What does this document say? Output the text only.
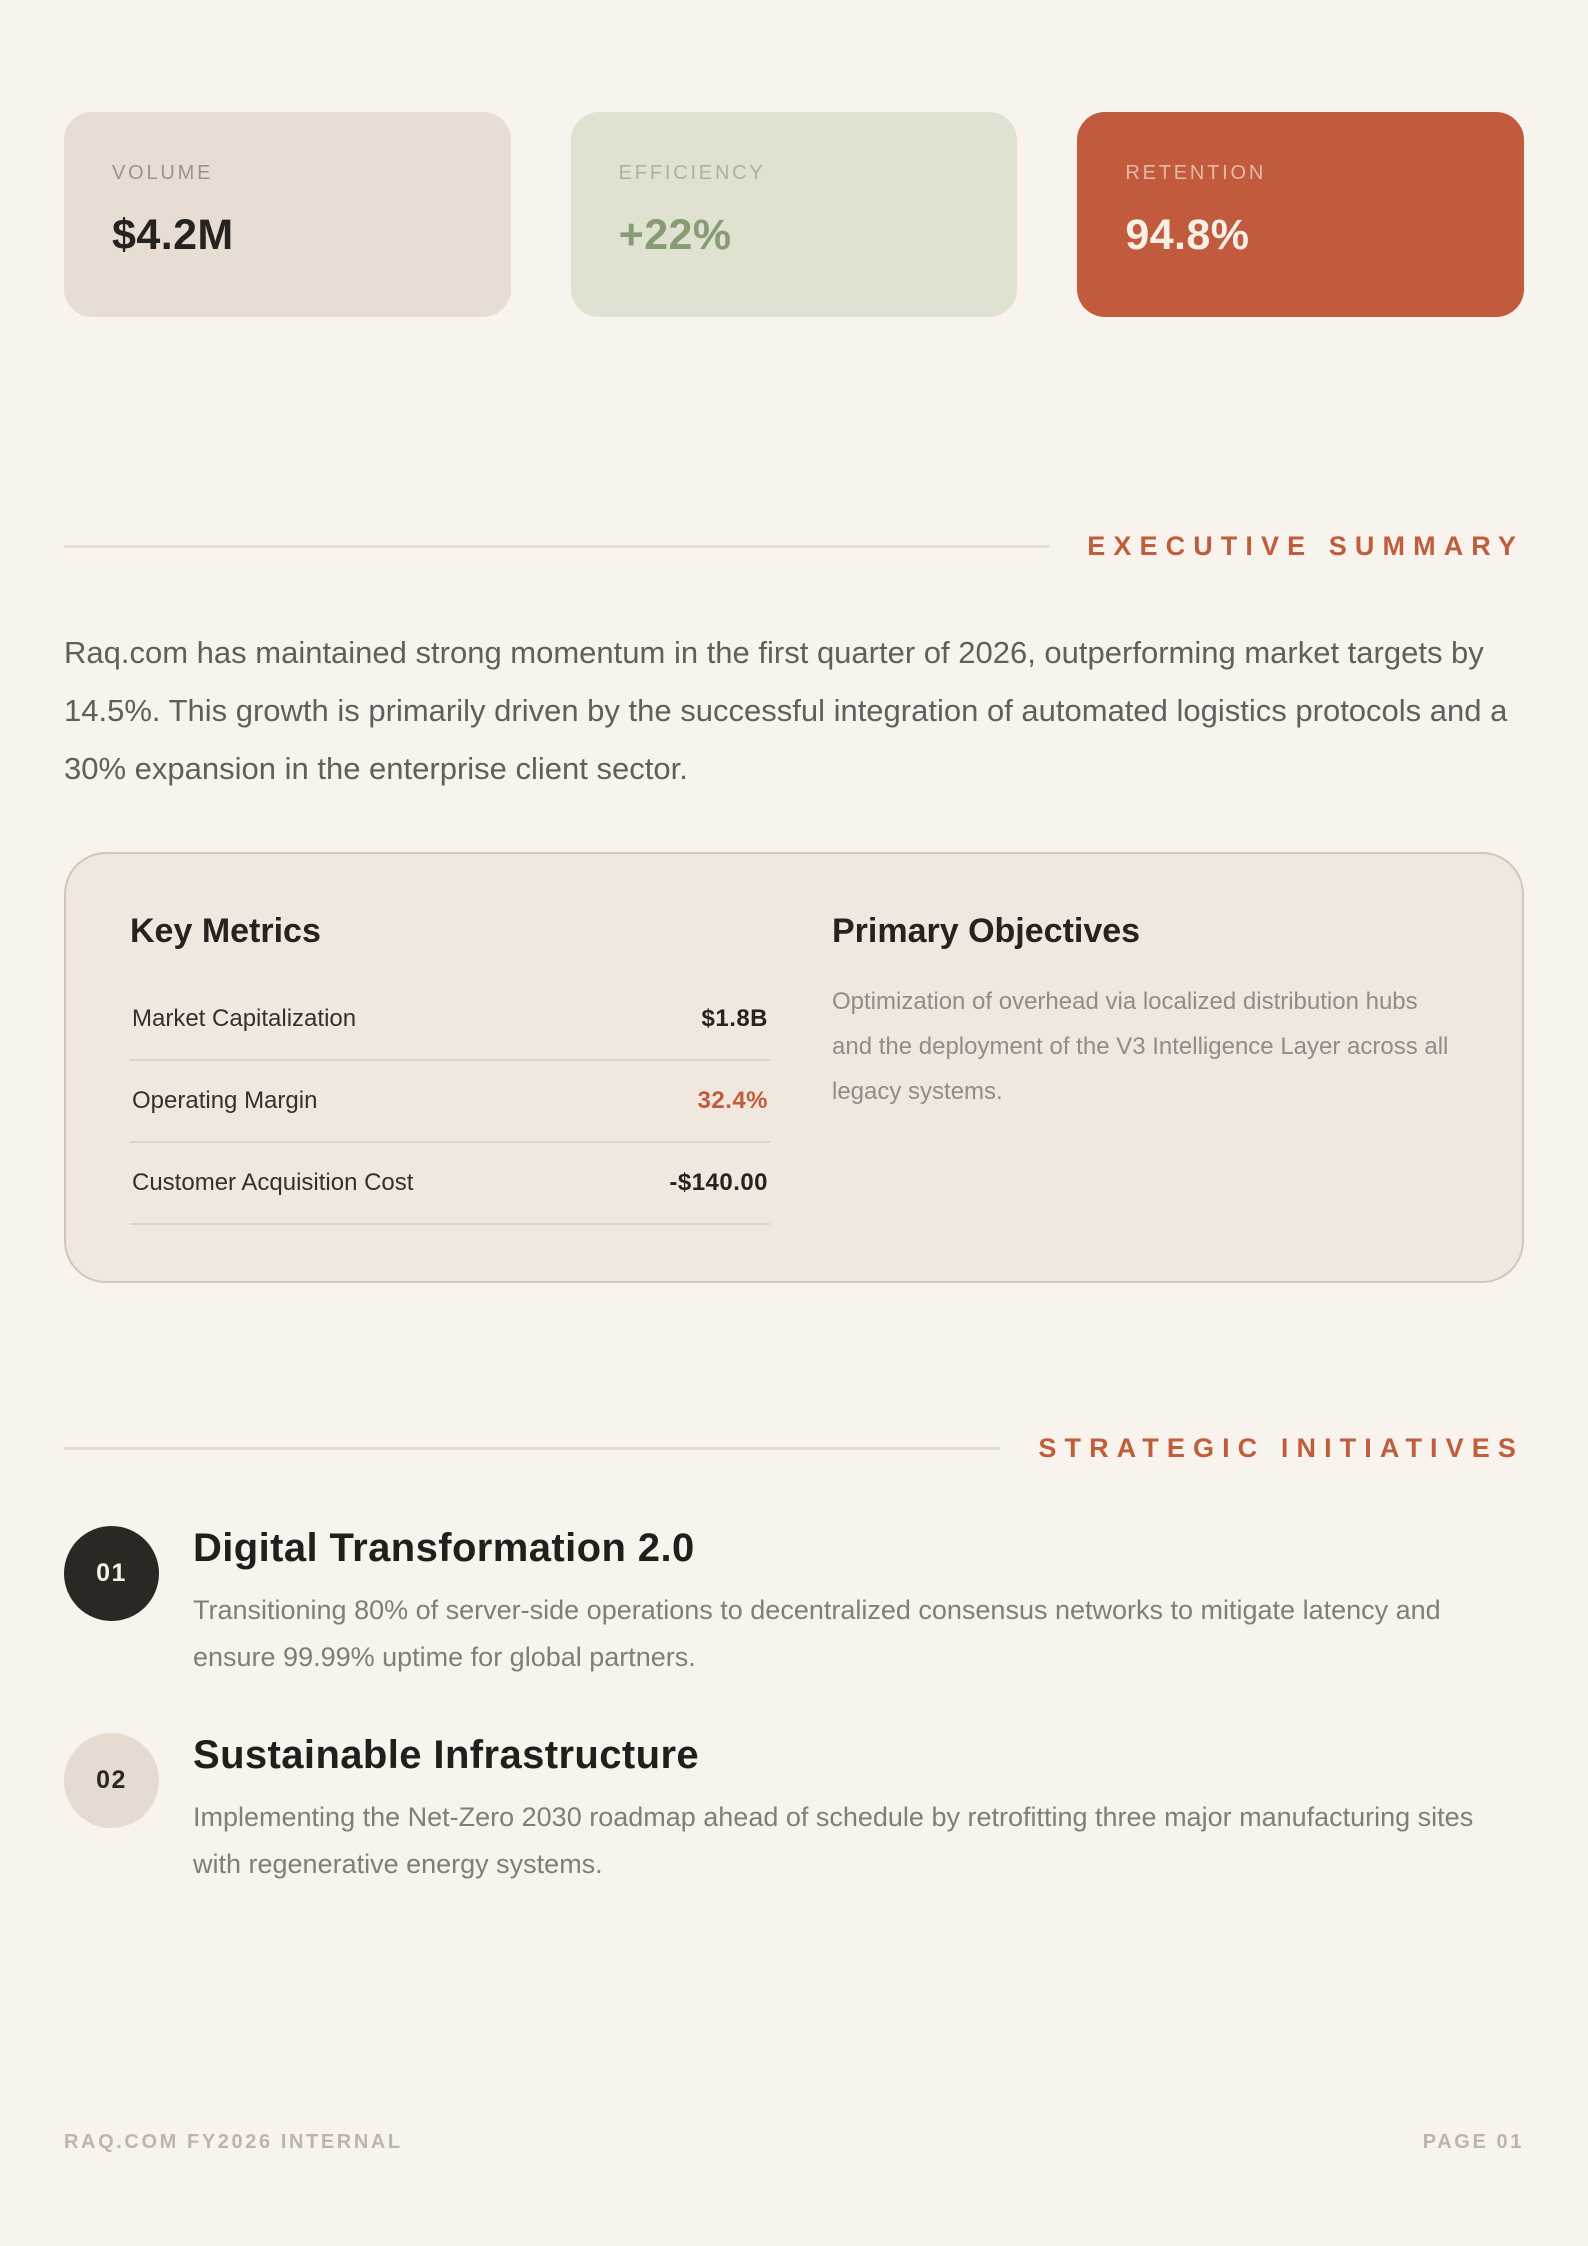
VOLUME
$4.2M
EFFICIENCY
+22%
RETENTION
94.8%
EXECUTIVE SUMMARY

Raq.com has maintained strong momentum in the first quarter of 2026, outperforming market targets by 14.5%. This growth is primarily driven by the successful integration of automated logistics protocols and a 30% expansion in the enterprise client sector.

Key Metrics
Market Capitalization	$1.8B
Operating Margin	32.4%
Customer Acquisition Cost	-$140.00
Primary Objectives

Optimization of overhead via localized distribution hubs and the deployment of the V3 Intelligence Layer across all legacy systems.

STRATEGIC INITIATIVES
01
Digital Transformation 2.0

Transitioning 80% of server-side operations to decentralized consensus networks to mitigate latency and ensure 99.99% uptime for global partners.

02
Sustainable Infrastructure

Implementing the Net-Zero 2030 roadmap ahead of schedule by retrofitting three major manufacturing sites with regenerative energy systems.

RAQ.COM FY2026 INTERNAL	PAGE 01
